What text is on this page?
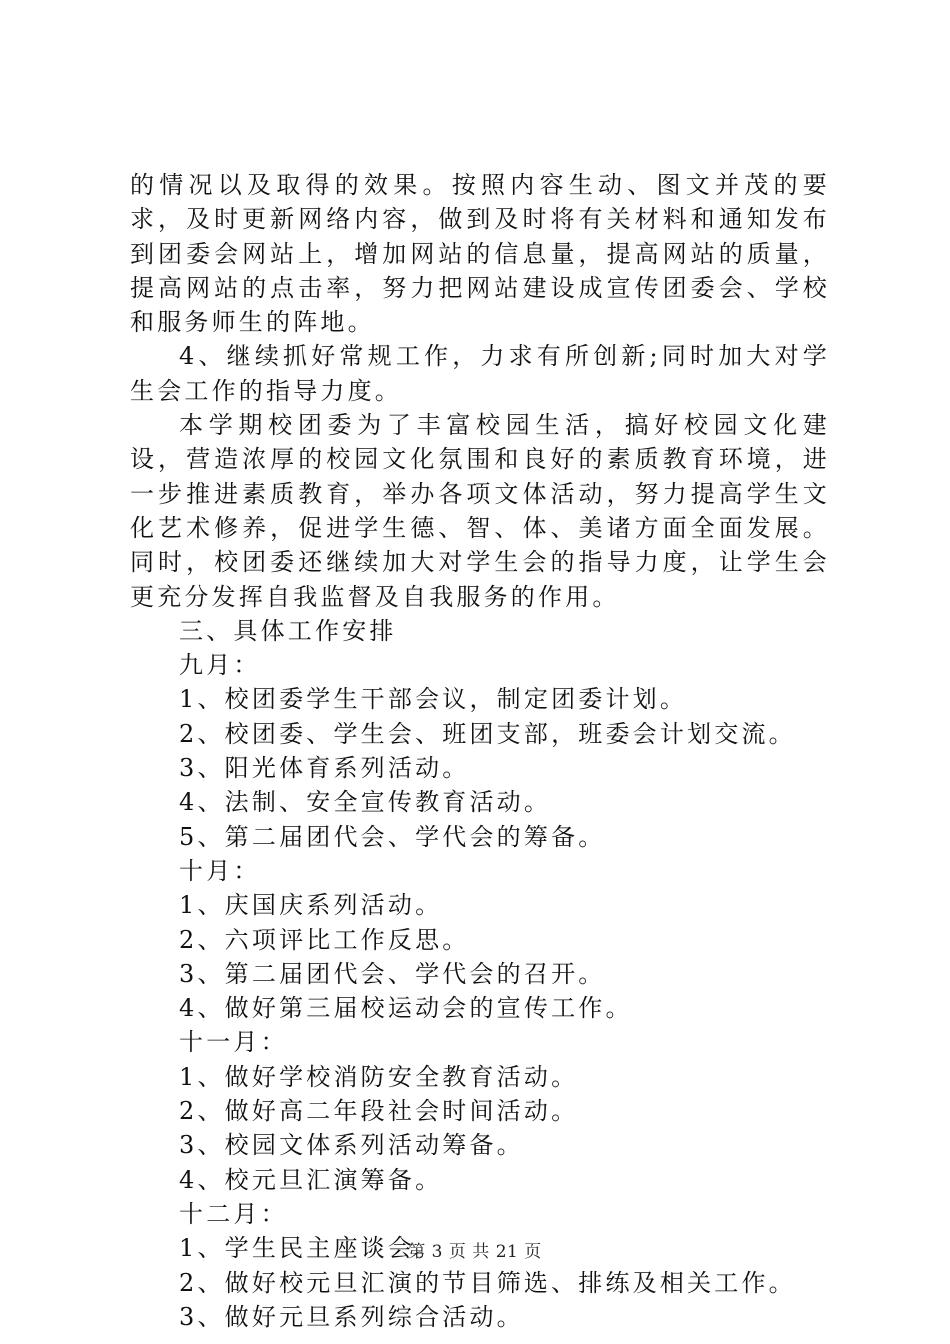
的情况以及取得的效果。按照内容生动、图文并茂的要求，及时更新网络内容，做到及时将有关材料和通知发布到团委会网站上，增加网站的信息量，提高网站的质量，提高网站的点击率，努力把网站建设成宣传团委会、学校和服务师生的阵地。

4、继续抓好常规工作，力求有所创新;同时加大对学生会工作的指导力度。

本学期校团委为了丰富校园生活，搞好校园文化建设，营造浓厚的校园文化氛围和良好的素质教育环境，进一步推进素质教育，举办各项文体活动，努力提高学生文化艺术修养，促进学生德、智、体、美诸方面全面发展。同时，校团委还继续加大对学生会的指导力度，让学生会更充分发挥自我监督及自我服务的作用。

三、具体工作安排

九月：

1、校团委学生干部会议，制定团委计划。

2、校团委、学生会、班团支部，班委会计划交流。

3、阳光体育系列活动。

4、法制、安全宣传教育活动。

5、第二届团代会、学代会的筹备。

十月：

1、庆国庆系列活动。

2、六项评比工作反思。

3、第二届团代会、学代会的召开。

4、做好第三届校运动会的宣传工作。

十一月：

1、做好学校消防安全教育活动。

2、做好高二年段社会时间活动。

3、校园文体系列活动筹备。

4、校元旦汇演筹备。

十二月：

1、学生民主座谈会。

2、做好校元旦汇演的节目筛选、排练及相关工作。

3、做好元旦系列综合活动。

第 3 页 共 21 页
